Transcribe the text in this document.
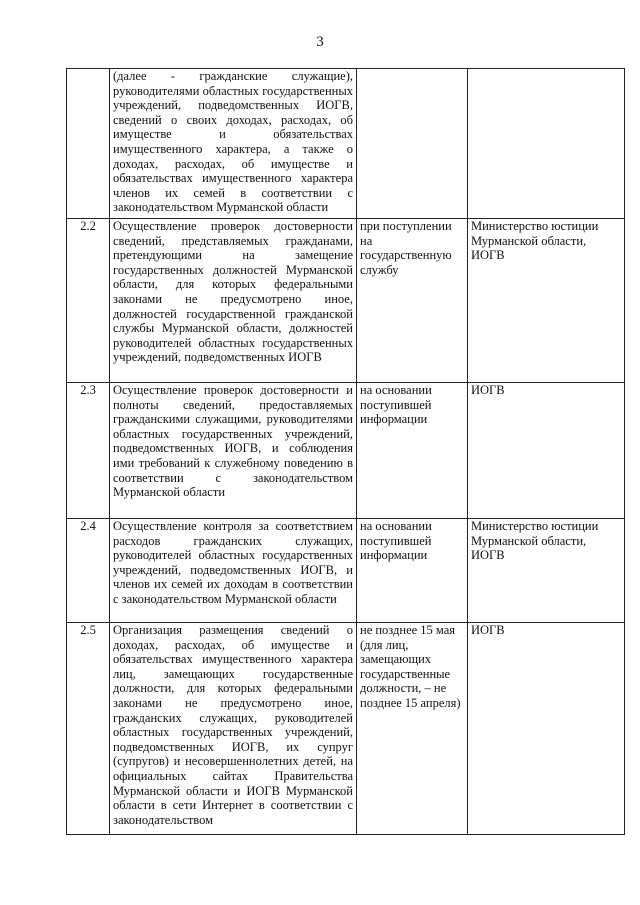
3
	(далее - гражданские служащие), руководителями областных государственных учреждений, подведомственных ИОГВ, сведений о своих доходах, расходах, об имуществе и обязательствах имущественного характера, а также о доходах, расходах, об имуществе и обязательствах имущественного характера членов их семей в соответствии с законодательством Мурманской области		
2.2	Осуществление проверок достоверности сведений, представляемых гражданами, претендующими на замещение государственных должностей Мурманской области, для которых федеральными законами не предусмотрено иное, должностей государственной гражданской службы Мурманской области, должностей руководителей областных государственных учреждений, подведомственных ИОГВ	при поступлении на государственную службу	Министерство юстиции Мурманской области, ИОГВ
2.3	Осуществление проверок достоверности и полноты сведений, предоставляемых гражданскими служащими, руководителями областных государственных учреждений, подведомственных ИОГВ, и соблюдения ими требований к служебному поведению в соответствии с законодательством Мурманской области	на основании поступившей информации	ИОГВ
2.4	Осуществление контроля за соответствием расходов гражданских служащих, руководителей областных государственных учреждений, подведомственных ИОГВ, и членов их семей их доходам в соответствии с законодательством Мурманской области	на основании поступившей информации	Министерство юстиции Мурманской области, ИОГВ
2.5	Организация размещения сведений о доходах, расходах, об имуществе и обязательствах имущественного характера лиц, замещающих государственные должности, для которых федеральными законами не предусмотрено иное, гражданских служащих, руководителей областных государственных учреждений, подведомственных ИОГВ, их супруг (супругов) и несовершеннолетних детей, на официальных сайтах Правительства Мурманской области и ИОГВ Мурманской области в сети Интернет в соответствии с законодательством	не позднее 15 мая (для лиц, замещающих государственные должности, – не позднее 15 апреля)	ИОГВ
